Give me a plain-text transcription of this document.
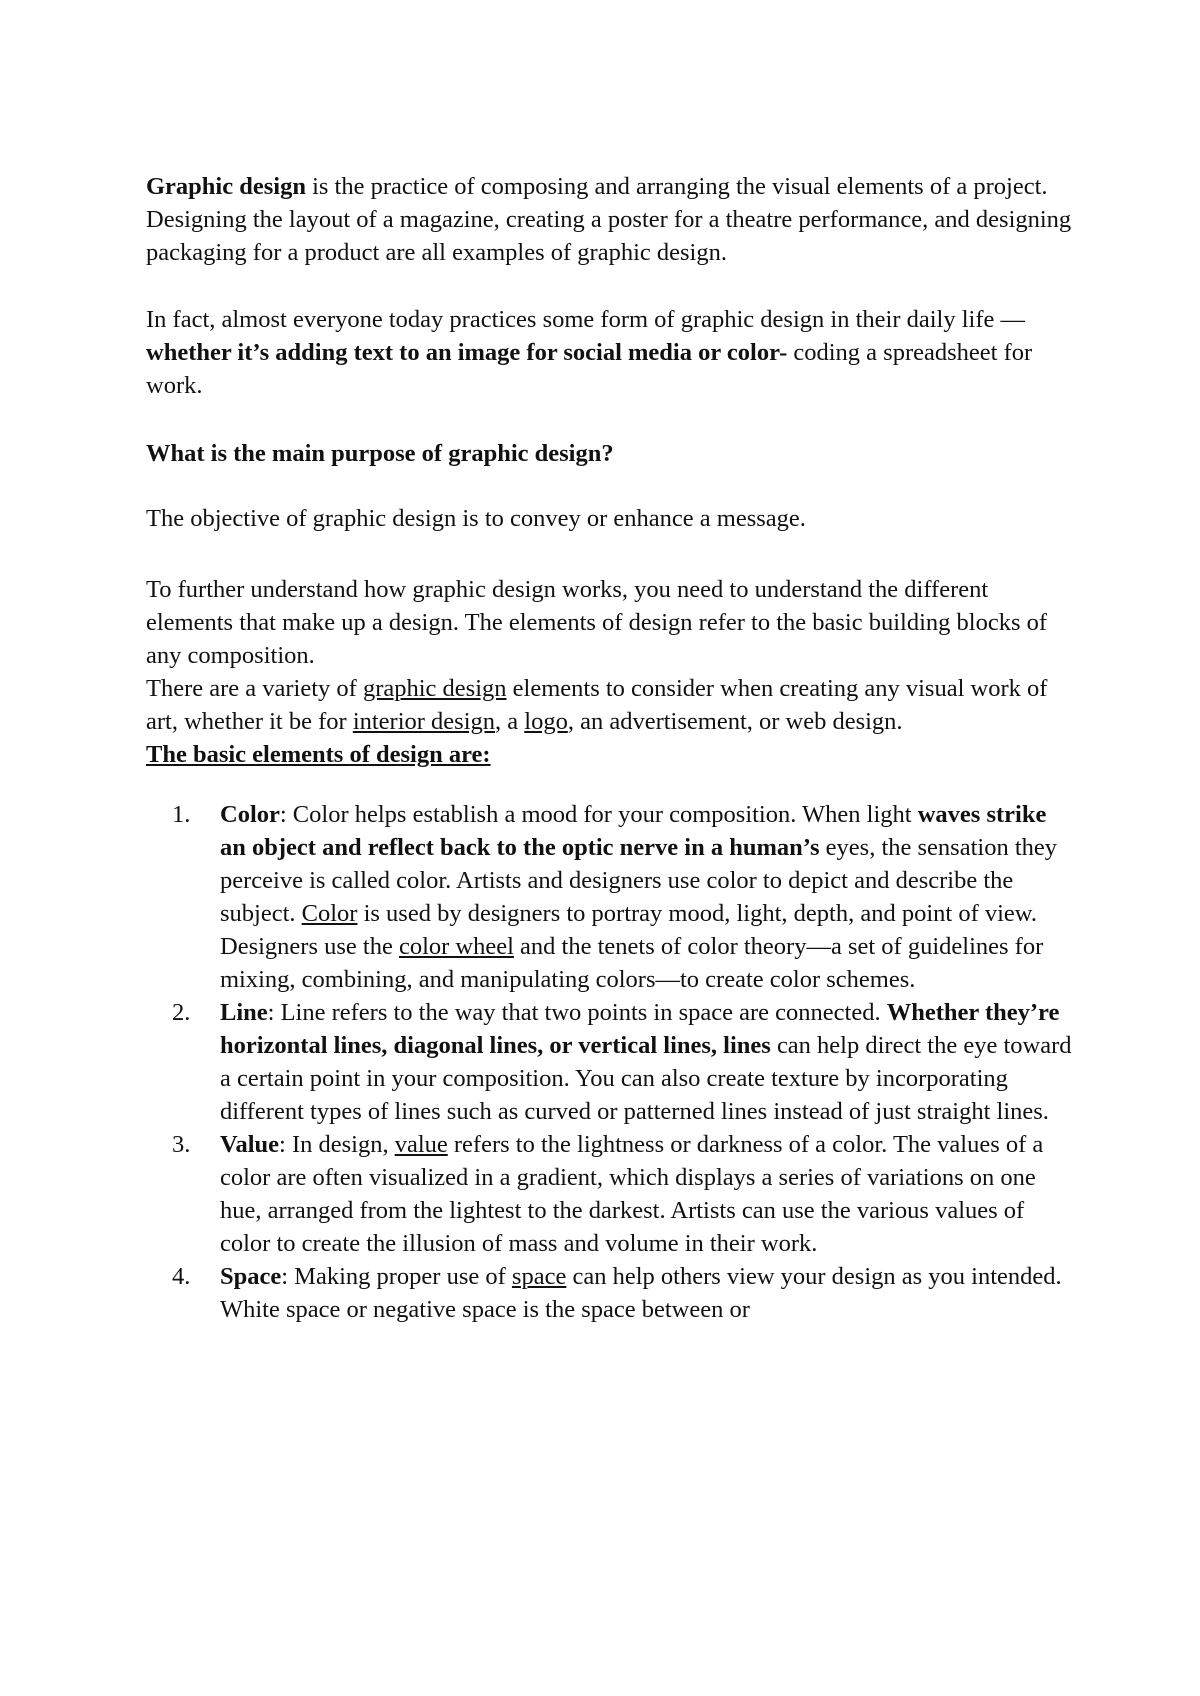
Graphic design is the practice of composing and arranging the visual elements of a project. Designing the layout of a magazine, creating a poster for a theatre performance, and designing packaging for a product are all examples of graphic design.

In fact, almost everyone today practices some form of graphic design in their daily life — whether it’s adding text to an image for social media or color- coding a spreadsheet for work.

What is the main purpose of graphic design?

The objective of graphic design is to convey or enhance a message.

To further understand how graphic design works, you need to understand the different elements that make up a design. The elements of design refer to the basic building blocks of any composition.

There are a variety of graphic design elements to consider when creating any visual work of art, whether it be for interior design, a logo, an advertisement, or web design.

The basic elements of design are:

1. Color: Color helps establish a mood for your composition. When light waves strike an object and reflect back to the optic nerve in a human’s eyes, the sensation they perceive is called color. Artists and designers use color to depict and describe the subject. Color is used by designers to portray mood, light, depth, and point of view. Designers use the color wheel and the tenets of color theory—a set of guidelines for mixing, combining, and manipulating colors—to create color schemes.
2. Line: Line refers to the way that two points in space are connected. Whether they’re horizontal lines, diagonal lines, or vertical lines, lines can help direct the eye toward a certain point in your composition. You can also create texture by incorporating different types of lines such as curved or patterned lines instead of just straight lines.
3. Value: In design, value refers to the lightness or darkness of a color. The values of a color are often visualized in a gradient, which displays a series of variations on one hue, arranged from the lightest to the darkest. Artists can use the various values of color to create the illusion of mass and volume in their work.
4. Space: Making proper use of space can help others view your design as you intended. White space or negative space is the space between or
